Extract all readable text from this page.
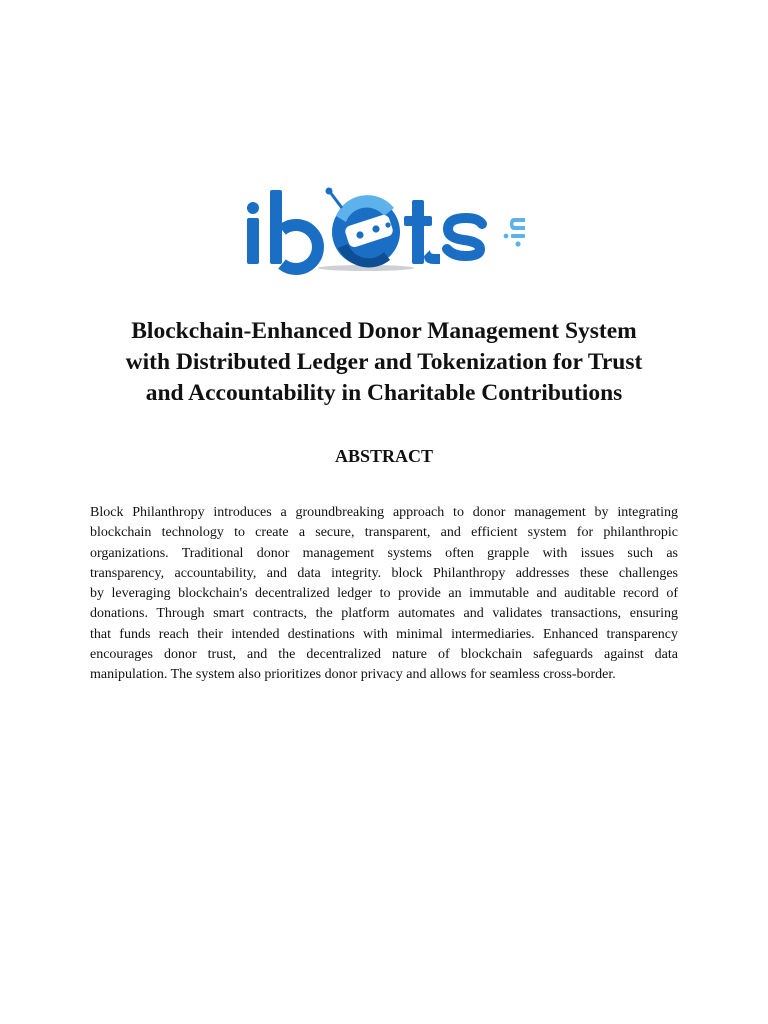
Blockchain-Enhanced Donor Management System
with Distributed Ledger and Tokenization for Trust
and Accountability in Charitable Contributions
ABSTRACT

Block Philanthropy introduces a groundbreaking approach to donor management by integrating
blockchain technology to create a secure, transparent, and efficient system for philanthropic
organizations. Traditional donor management systems often grapple with issues such as
transparency, accountability, and data integrity. block Philanthropy addresses these challenges
by leveraging blockchain's decentralized ledger to provide an immutable and auditable record of
donations. Through smart contracts, the platform automates and validates transactions, ensuring
that funds reach their intended destinations with minimal intermediaries. Enhanced transparency
encourages donor trust, and the decentralized nature of blockchain safeguards against data
manipulation. The system also prioritizes donor privacy and allows for seamless cross-border.
